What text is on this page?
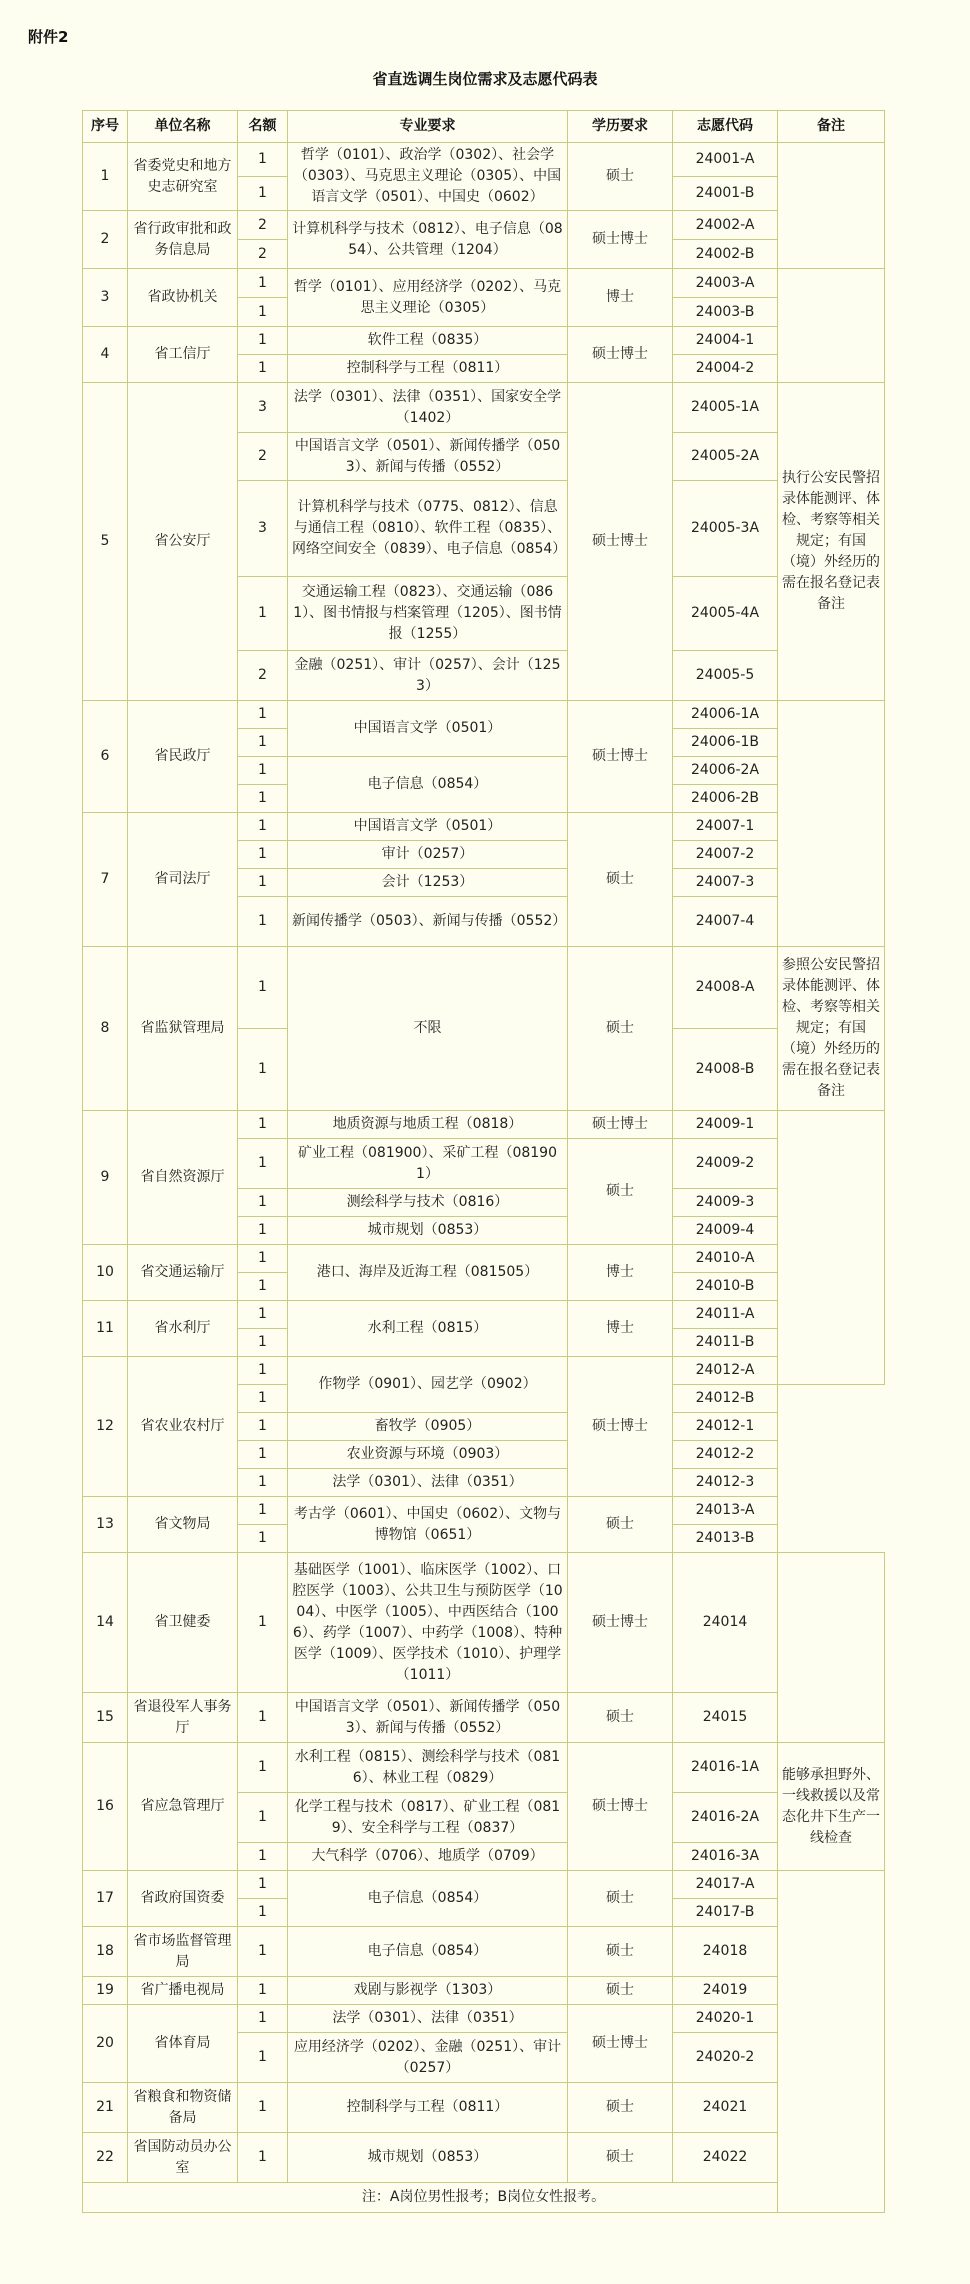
附件2
省直选调生岗位需求及志愿代码表
序号	单位名称	名额	专业要求	学历要求	志愿代码	备注
1	省委党史和地方史志研究室	1	哲学（0101）、政治学（0302）、社会学（0303）、马克思主义理论（0305）、中国语言文学（0501）、中国史（0602）	硕士	24001-A	
		1			24001-B	
2	省行政审批和政务信息局	2	计算机科学与技术（0812）、电子信息（0854）、公共管理（1204）	硕士博士	24002-A	
		2			24002-B	
3	省政协机关	1	哲学（0101）、应用经济学（0202）、马克思主义理论（0305）	博士	24003-A	
		1			24003-B	
4	省工信厅	1	软件工程（0835）	硕士博士	24004-1	
		1	控制科学与工程（0811）		24004-2	
5	省公安厅	3	法学（0301）、法律（0351）、国家安全学（1402）	硕士博士	24005-1A	执行公安民警招录体能测评、体检、考察等相关规定；有国（境）外经历的需在报名登记表备注
		2	中国语言文学（0501）、新闻传播学（0503）、新闻与传播（0552）		24005-2A	
		3	计算机科学与技术（0775、0812）、信息与通信工程（0810）、软件工程（0835）、网络空间安全（0839）、电子信息（0854）		24005-3A	
		1	交通运输工程（0823）、交通运输（0861）、图书情报与档案管理（1205）、图书情报（1255）		24005-4A	
		2	金融（0251）、审计（0257）、会计（1253）		24005-5	
6	省民政厅	1	中国语言文学（0501）	硕士博士	24006-1A	
		1			24006-1B	
		1	电子信息（0854）		24006-2A	
		1			24006-2B	
7	省司法厅	1	中国语言文学（0501）	硕士	24007-1	
		1	审计（0257）		24007-2	
		1	会计（1253）		24007-3	
		1	新闻传播学（0503）、新闻与传播（0552）		24007-4	
8	省监狱管理局	1	不限	硕士	24008-A	参照公安民警招录体能测评、体检、考察等相关规定；有国（境）外经历的需在报名登记表备注
		1			24008-B	
9	省自然资源厅	1	地质资源与地质工程（0818）	硕士博士	24009-1	
		1	矿业工程（081900）、采矿工程（081901）	硕士	24009-2	
		1	测绘科学与技术（0816）		24009-3	
		1	城市规划（0853）		24009-4	
10	省交通运输厅	1	港口、海岸及近海工程（081505）	博士	24010-A	
		1			24010-B	
11	省水利厅	1	水利工程（0815）	博士	24011-A	
		1			24011-B	
12	省农业农村厅	1	作物学（0901）、园艺学（0902）	硕士博士	24012-A	
		1			24012-B	
		1	畜牧学（0905）		24012-1	
		1	农业资源与环境（0903）		24012-2	
		1	法学（0301）、法律（0351）		24012-3	
13	省文物局	1	考古学（0601）、中国史（0602）、文物与博物馆（0651）	硕士	24013-A	
		1			24013-B	
14	省卫健委	1	基础医学（1001）、临床医学（1002）、口腔医学（1003）、公共卫生与预防医学（1004）、中医学（1005）、中西医结合（1006）、药学（1007）、中药学（1008）、特种医学（1009）、医学技术（1010）、护理学（1011）	硕士博士	24014	
15	省退役军人事务厅	1	中国语言文学（0501）、新闻传播学（0503）、新闻与传播（0552）	硕士	24015	
16	省应急管理厅	1	水利工程（0815）、测绘科学与技术（0816）、林业工程（0829）	硕士博士	24016-1A	能够承担野外、一线救援以及常态化井下生产一线检查
		1	化学工程与技术（0817）、矿业工程（0819）、安全科学与工程（0837）		24016-2A	
		1	大气科学（0706）、地质学（0709）		24016-3A	
17	省政府国资委	1	电子信息（0854）	硕士	24017-A	
		1			24017-B	
18	省市场监督管理局	1	电子信息（0854）	硕士	24018	
19	省广播电视局	1	戏剧与影视学（1303）	硕士	24019	
20	省体育局	1	法学（0301）、法律（0351）	硕士博士	24020-1	
		1	应用经济学（0202）、金融（0251）、审计（0257）		24020-2	
21	省粮食和物资储备局	1	控制科学与工程（0811）	硕士	24021	
22	省国防动员办公室	1	城市规划（0853）	硕士	24022	
注：A岗位男性报考；B岗位女性报考。						
